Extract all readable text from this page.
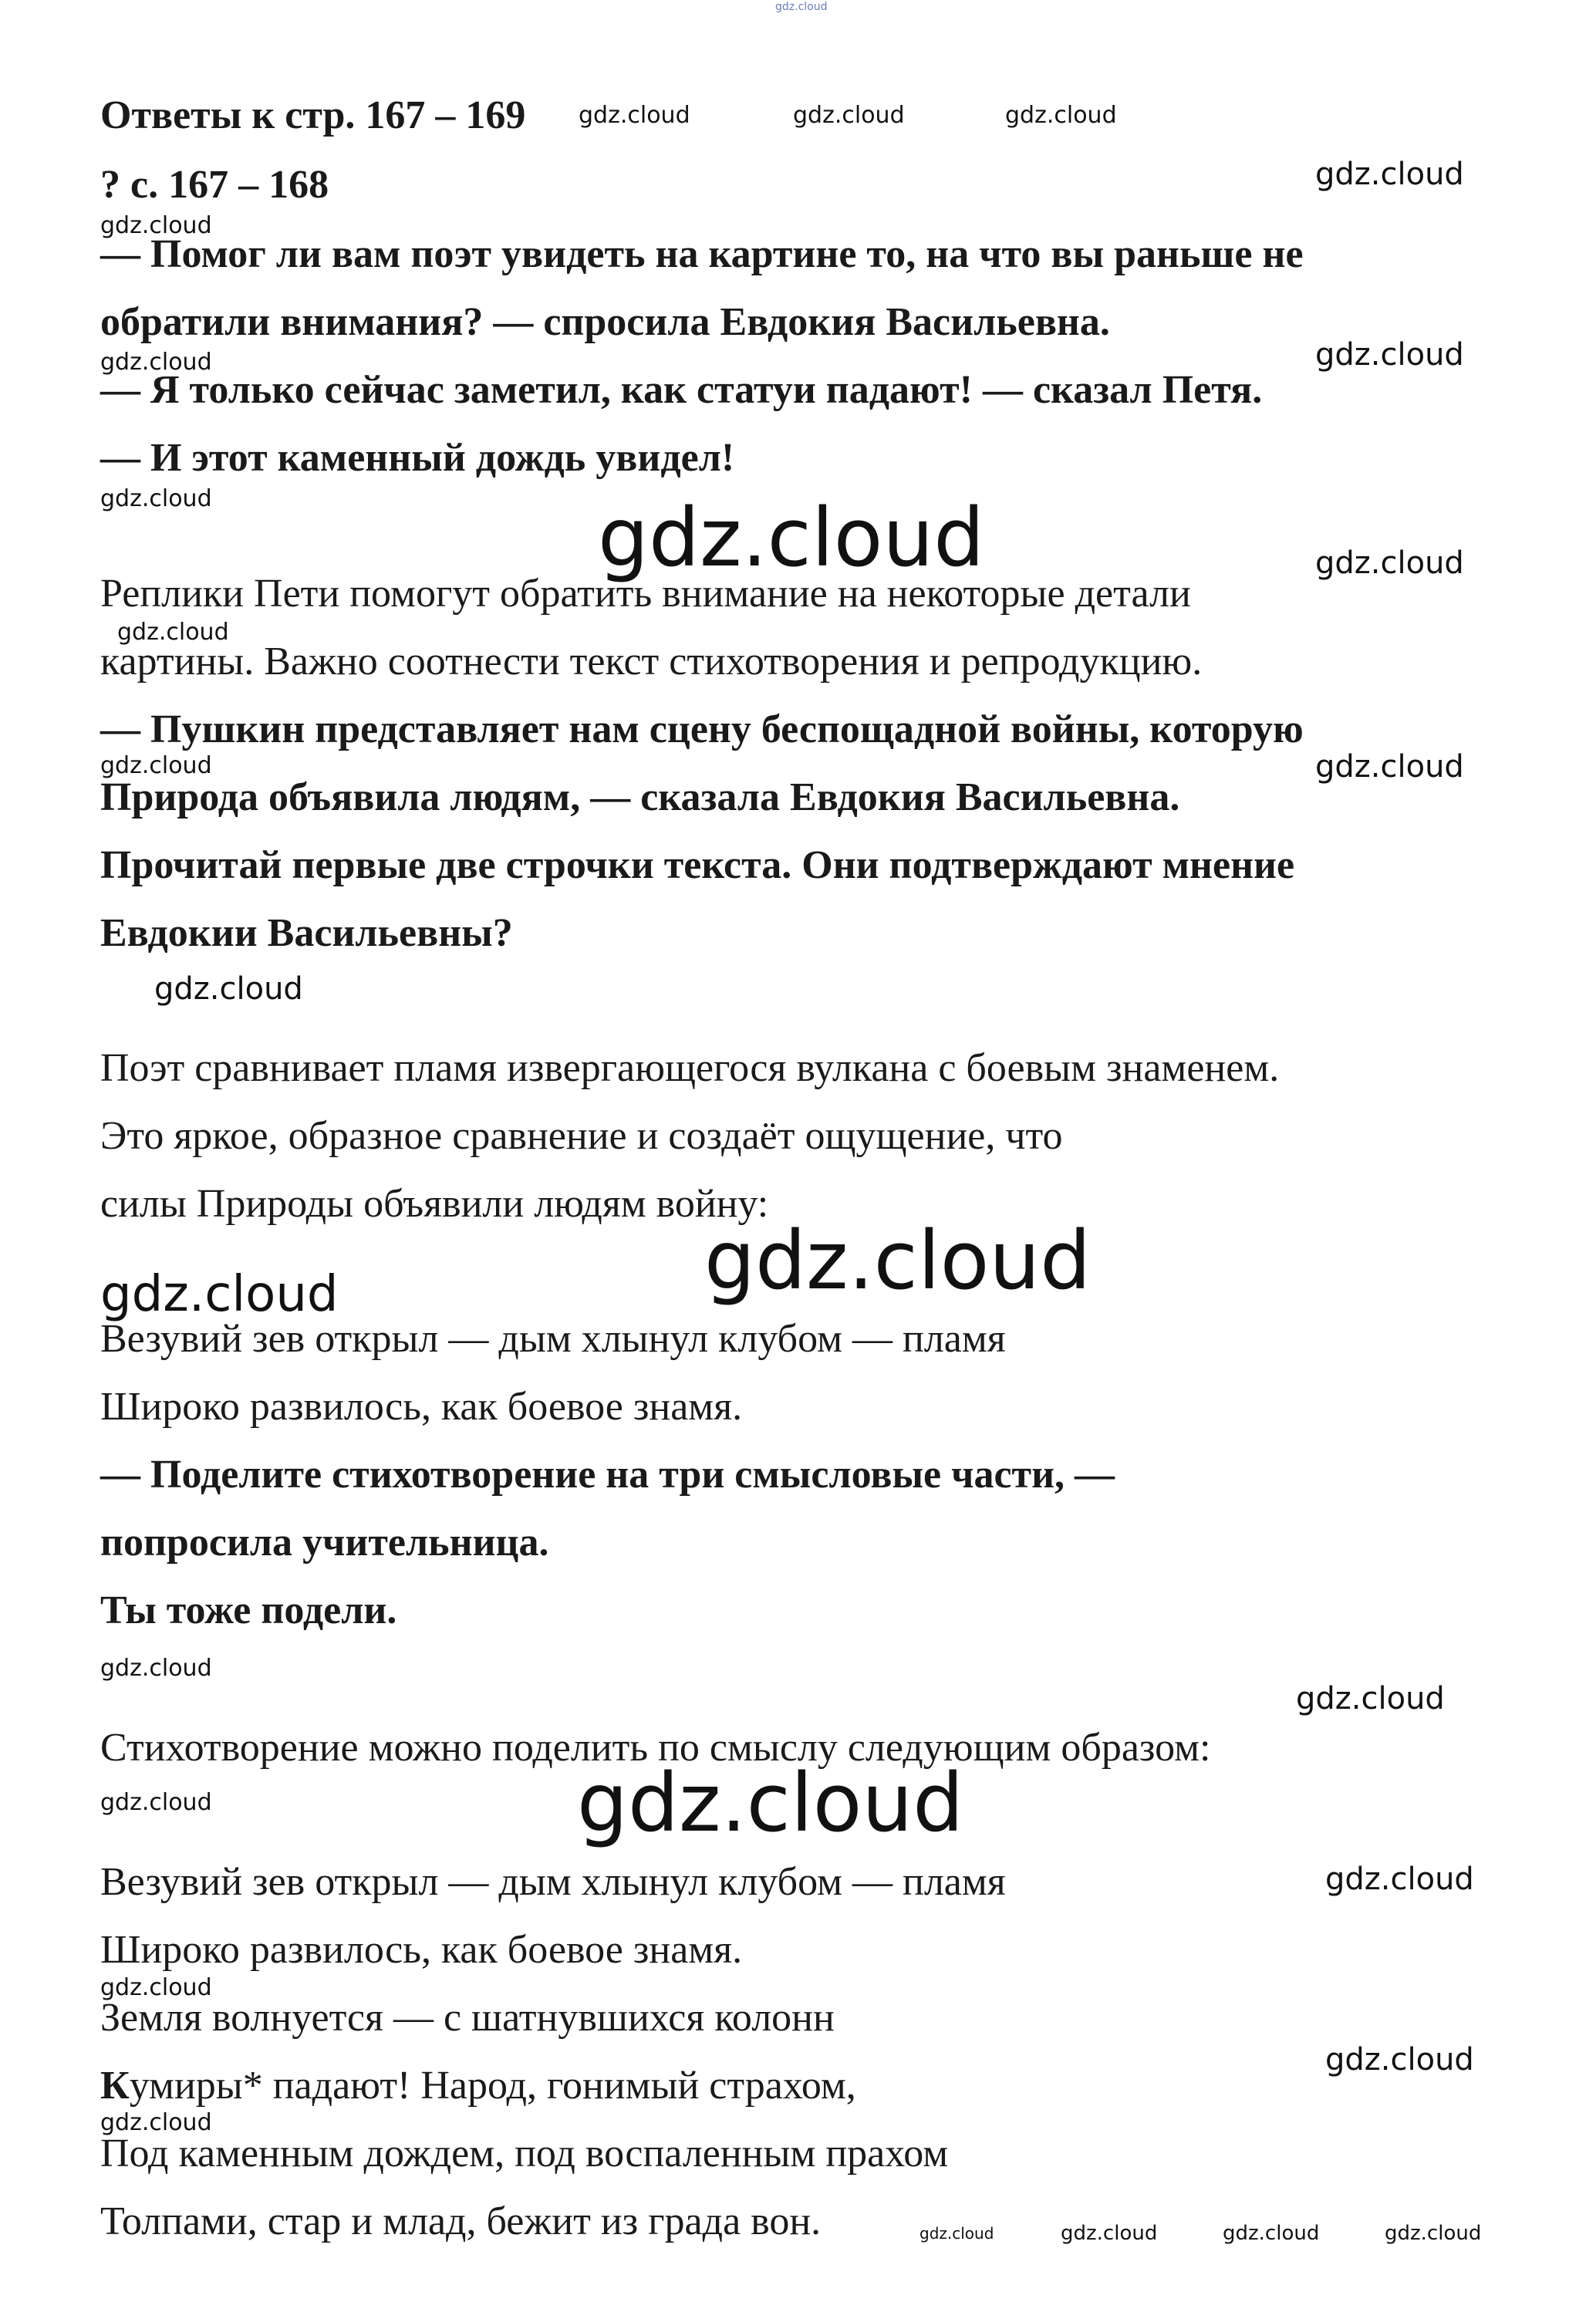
gdz.cloud
gdz.cloud	gdz.cloud	gdz.cloud
gdz.cloud
gdz.cloud
gdz.cloud	gdz.cloud
gdz.cloud	gdz.cloud	gdz.cloud
gdz.cloud
gdz.cloud	gdz.cloud
gdz.cloud
gdz.cloud
gdz.cloud
gdz.cloud
gdz.cloud
gdz.cloud	gdz.cloud
gdz.cloud
gdz.cloud
gdz.cloud
gdz.cloud
gdz.cloud	gdz.cloud	gdz.cloud	gdz.cloud
Ответы к стр. 167 – 169
? с. 167 – 168
— Помог ли вам поэт увидеть на картине то, на что вы раньше не
обратили внимания? — спросила Евдокия Васильевна.
— Я только сейчас заметил, как статуи падают! — сказал Петя.
— И этот каменный дождь увидел!
Реплики Пети помогут обратить внимание на некоторые детали
картины. Важно соотнести текст стихотворения и репродукцию.
— Пушкин представляет нам сцену беспощадной войны, которую
Природа объявила людям, — сказала Евдокия Васильевна.
Прочитай первые две строчки текста. Они подтверждают мнение
Евдокии Васильевны?
Поэт сравнивает пламя извергающегося вулкана с боевым знаменем.
Это яркое, образное сравнение и создаёт ощущение, что
силы Природы объявили людям войну:
Везувий зев открыл — дым хлынул клубом — пламя
Широко развилось, как боевое знамя.
— Поделите стихотворение на три смысловые части, —
попросила учительница.
Ты тоже подели.
Стихотворение можно поделить по смыслу следующим образом:
Везувий зев открыл — дым хлынул клубом — пламя
Широко развилось, как боевое знамя.
Земля волнуется — с шатнувшихся колонн
Кумиры* падают! Народ, гонимый страхом,
Под каменным дождем, под воспаленным прахом
Толпами, стар и млад, бежит из града вон.
